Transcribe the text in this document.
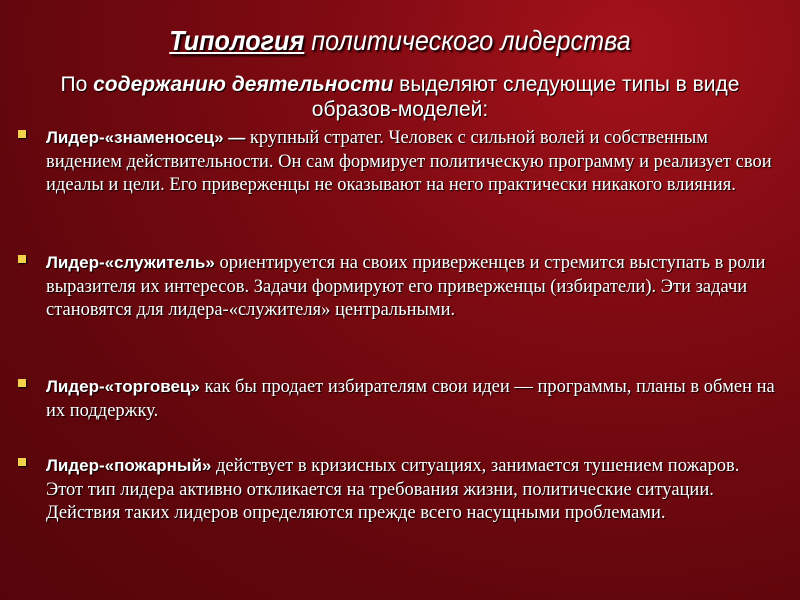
Типология политического лидерства
По содержанию деятельности выделяют следующие типы в виде образов-моделей:
Лидер-«знаменосец» — крупный стратег. Человек с сильной волей и собственным видением действительности. Он сам формирует политическую программу и реализует свои идеалы и цели. Его приверженцы не оказывают на него практически никакого влияния.
Лидер-«служитель» ориентируется на своих приверженцев и стремится выступать в роли выразителя их интересов. Задачи формируют его приверженцы (избиратели). Эти задачи становятся для лидера-«служителя» центральными.
Лидер-«торговец» как бы продает избирателям свои идеи — программы, планы в обмен на их поддержку.
Лидер-«пожарный» действует в кризисных ситуациях, занимается тушением пожаров. Этот тип лидера активно откликается на требования жизни, политические ситуации. Действия таких лидеров определяются прежде всего насущными проблемами.
